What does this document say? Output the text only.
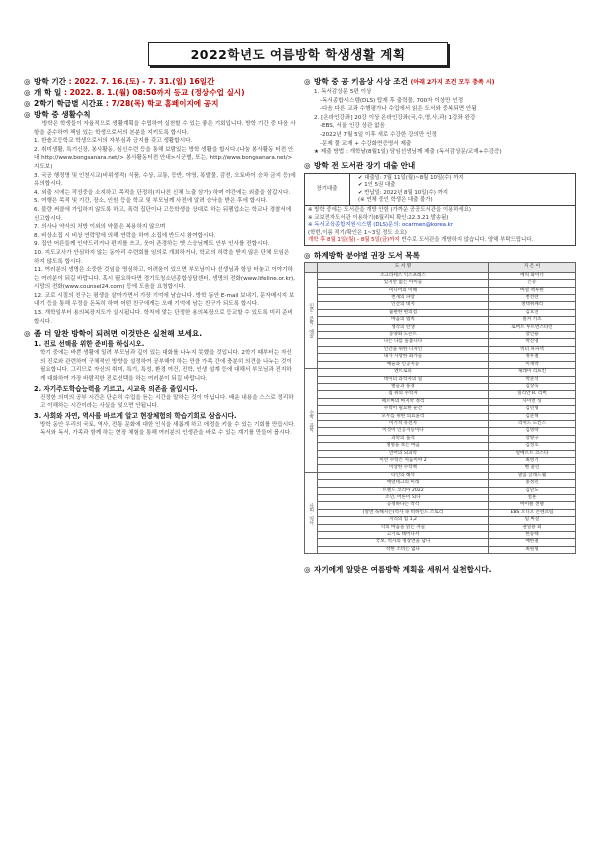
2022학년도 여름방학 학생생활 계획
◎ 방학 기간 : 2022. 7. 16.(토) - 7. 31.(일) 16일간
◎ 개 학 일 : 2022. 8. 1.(월) 08:50까지 등교 (정상수업 실시)
◎ 2학기 학급별 시간표 : 7/28(목) 학교 홈페이지에 공지
◎ 방학 중 생활수칙

방학은 학생들이 자율적으로 생활계획을 수립하여 실천할 수 있는 좋은 기회입니다. 방학 기간 중 다음 사항을 준수하여 책임 있는 학생으로서의 본분을 지키도록 합시다.

1. 한솔고등학교 학생으로서의 자부심과 긍지를 갖고 생활합시다.
2. 취미생활, 특기신장, 봉사활동, 심신수련 등을 통해 보람있는 방학 생활을 합시다.(나눔 봉사활동 터전 안내 http://www.bongsanara.net/> 봉사활동터전 안내>시군별, 또는, http://www.bongsanara.net/>지도보)
3. 국공 행정명 및 인천시교(비위생적) 식품, 수상, 교통, 등반, 야영, 폭발물, 감전, 오토바이 승차 금지 등)에 유의합시다.
4. 외출 시에는 작성중을 소지하고 목적을 단정히(지나친 신체 노출 삼가) 하며 야간에는 외출을 삼갑시다.
5. 여행은 목적 및 기간, 장소, 인원 등을 학교 및 부모님께 사전에 알려 승낙을 받은 후에 합시다.
6. 불량 써클에 가입하지 않도록 하고, 폭력 집단이나 고등학생을 상대로 하는 뒤팸업소는 학교나 경찰서에 신고합시다.
7. 의사나 약사의 처방 이외의 약물은 복용하지 않으며
8. 비상소집 시 비상 연락망에 의해 연락을 하여 소집에 반드시 참여합시다.
9. 집안 어른들께 인약드리거나 편지를 쓰고, 웃어 존경하는 옛 스승님께도 안부 인사를 전합시다.
10. 지도교사가 안심하지 않는 동아리 수련회를 임의로 개최하거나, 학교의 허락을 받지 않은 단체 모임은 하지 않도록 합시다.
11. 여러분의 생명은 소중한 것임을 명심하고, 어려움이 있으면 부모님이나 선생님과 항상 터놓고 이야기하는 여러분이 되길 바랍니다. 혹시 필요하다면 경기도청소년종합상담센터, 생명의 전화(www.lifeline.or.kr), 시망의 전화(www.counsel24.com) 등에 도움을 요청합시다.
12. 코로 시절의 친구는 평생을 살아가면서 가장 기억에 남습니다. 방학 동안 E-mail 보내기, 문자메시지 보내기 등을 통해 우정을 돈독히 하며 어떤 친구에게는 오래 기억에 남는 친구가 되도록 합시다.
13. 개학일부터 용의복장지도가 실시됩니다. 학칙에 맞는 단정한 용의복장으로 등교할 수 있도록 미리 준비합시다.
◎ 좀 더 알찬 방학이 되려면 이것만은 실천해 보세요.
1. 진로 선택을 위한 준비를 하십시오.
학기 중에는 바쁜 생활에 밀려 부모님과 깊이 있는 대화를 나누지 못했을 것입니다. 2학기 때부터는 자신의 진로와 관련하여 구체적인 방향을 설정하여 공부해야 하는 만큼 가족 간에 충분히 의견을 나누는 것이 필요합니다. 그리므로 자신의 취미, 특기, 특성, 환경 여건, 진학, 인생 설계 등에 대해서 부모님과 진지하게 대화하여 가장 바람직한 진로선택을 하는 여러분이 되길 바랍니다.
2. 자기주도학습능력을 기르고, 시교육 의존을 줄입시다.
진정한 의미의 공부 시간은 단순히 수업을 듣는 시간을 말하는 것이 아닙니다. 배운 내용을 스스로 정리하고 이해하는 시간이라는 사실을 잊으면 안됩니다.
3. 사회와 자연, 역사를 바르게 알고 현장체험의 학습기회로 삼읍시다.
방학 동안 우리의 국토, 역사, 전통 문화에 대한 인식을 새롭게 하고 애정을 키울 수 있는 기회를 만듭시다. 독서와 독서, 가족과 함께 하는 현장 체험을 통해 여러분의 인생관을 바로 수 있는 계기를 만들어 봅시다.
◎ 방학 중 공 키음상 시상 조건 (아래 2가지 조건 모두 충족 시)
1. 독서감상문 5편 이상
-독서종합시스템(DLS) 탑재 후 출력물, 700자 이상만 인정
-다음 다른 교과 수행평가나 수업에서 읽은 도서와 중복되면 안됨
2. [온라인강좌] 20강 이상 온라인강좌(국,수,영,사,과) 1강좌 완강
-EBS, 서울 인강 상관 없음
-2022년 7월 5일 이후 새로 수강한 강의만 인정
-문제 풀 교재 + 수강화면증명서 제출
★ 제출 방법 : 개학날(8월1일) 담임선생님께 제출 (독서감상문/교재+수강증)
◎ 방학 전 도서관 장기 대출 안내
장기대출	
✔ 대출일: 7월 11일(월)~8월 10일(수) 까지
✔ 1인 5권 대출
✔ 반납일: 2022년 8월 10일(수) 까지
(※ 연체 중인 학생은 대출 불가)

※ 방학 중에는 도서관을 개방 안함 (가까운 공공도서관을 이용하세요)
※ 교보전자도서관 이용하기(6월리티 확인:22.3.21 발송됨)
※ 독서교육종합지원시스템 (DLS)문의: ocarmen@korea.kr
(학번,이름 적기/확인은 1~3일 정도 소요)
개학 후 8월 1일(월) - 8월 5일(금)까지 반수로 도서관을 개방하지 않습니다. 양해 부탁드립니다.
◎ 하계방학 분야별 권장 도서 목록
	도 서 명	지 은 이
인문·문학·예술	소크라테스 익스프레스	에릭 와이너
	있지만 없는 아이들	은유
	미디어의 이해	마셜 맥루한
	천개의 파랑	천선란
	인간의 대지	생텍쥐페리
	불편한 편의점	김호연
	마음의 법칙	폴커 키츠
	생각의 탄생	로버트 루트번스타인
	동양화 도슨트	장인용
	나는 나를 돌봅니다	박진영
	인간을 위한 디자인	빅터 파파넥
	내가 사랑한 화가들	정우철
	예술과 인공지능	이재박
수학·과학	엔트로피	제레미 리프킨
	데이터 과학자의 일	박준석
	별들과 풍경	김상욱
	집 위의 수학자	릴리안 R. 리버
	페르마의 마지막 정리	사이먼 싱
	수학이 필요한 순간	김민형
	모두를 위한 의료윤리	김준혁
	이기적 유전자	리처드 도킨스
	이것이 인공지능이다	김명락
	과학의 품격	강양구
	생명을 보는 마음	김성호
	언어의 뇌과학	알베르트 코스타
	이런 수학은 처음이야 2	최영기
	이상한 수학책	벤 올린
사회·역사	타인의 해석	말콤 글래드웰
	에덴테크의 미래	홍정민
	트렌드 코리아 2022	김난도
	소년, 어른이 되다	설흔
	공정하다는 착각	마이클 샌델
	(알면 독해지는)역사 속 비하인드 스토리	EBS 오디오 콘텐츠팀
	지리의 힘 1,2	팀 마샬
	악의 마음을 읽는 자들	권일용 외
	고기로 태어나서	한승태
	국보, 역사의 명장면을 담다	배한철
	착한 소비는 없다	최원형
◎ 자기에게 알맞은 여름방학 계획을 세워서 실천합시다.
